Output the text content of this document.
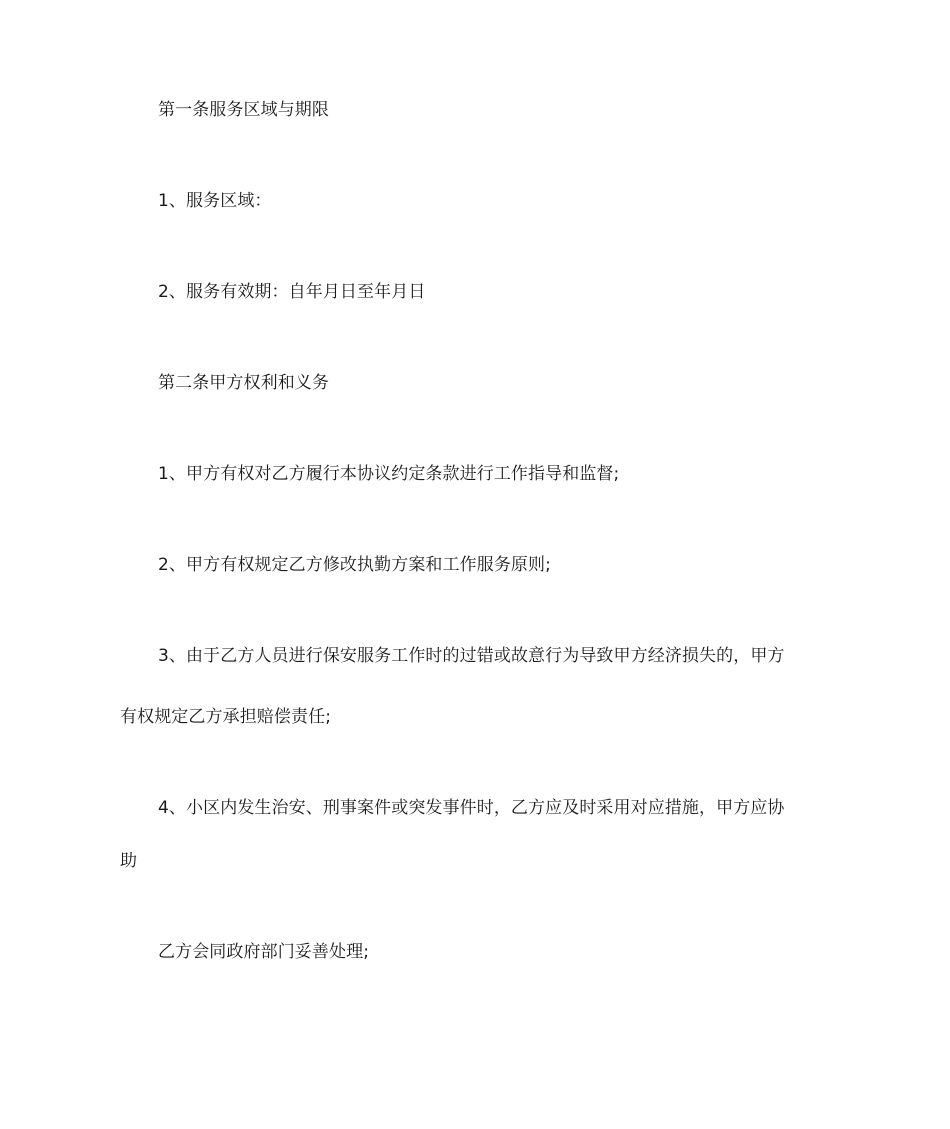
第一条服务区域与期限
1、服务区域：
2、服务有效期：自年月日至年月日
第二条甲方权利和义务
1、甲方有权对乙方履行本协议约定条款进行工作指导和监督;
2、甲方有权规定乙方修改执勤方案和工作服务原则;
3、由于乙方人员进行保安服务工作时的过错或故意行为导致甲方经济损失的，甲方
有权规定乙方承担赔偿责任;
4、小区内发生治安、刑事案件或突发事件时，乙方应及时采用对应措施，甲方应协
助
乙方会同政府部门妥善处理;
